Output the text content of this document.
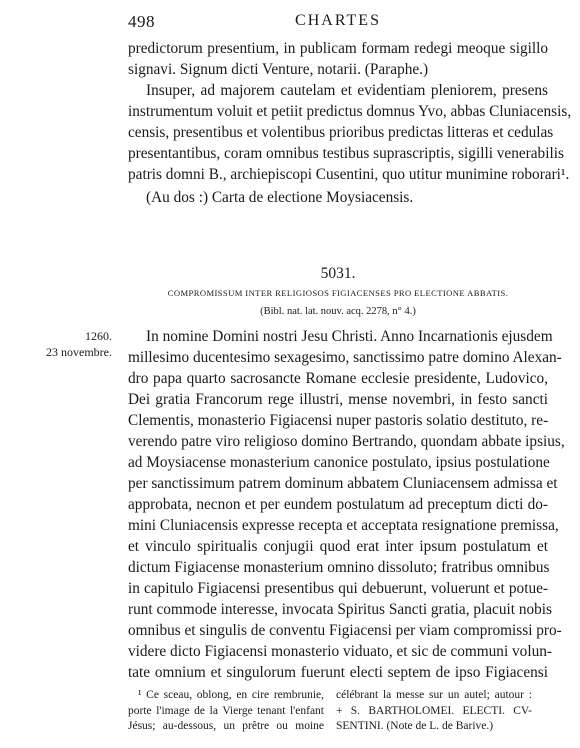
498	CHARTES
predictorum presentium, in publicam formam redegi meoque sigillo
signavi. Signum dicti Venture, notarii. (Paraphe.)
Insuper, ad majorem cautelam et evidentiam pleniorem, presens
instrumentum voluit et petiit predictus domnus Yvo, abbas Cluniacensis,
censis, presentibus et volentibus prioribus predictas litteras et cedulas
presentantibus, coram omnibus testibus suprascriptis, sigilli venerabilis
patris domni B., archiepiscopi Cusentini, quo utitur munimine roborari¹.
(Au dos :) Carta de electione Moysiacensis.
5031.
COMPROMISSUM INTER RELIGIOSOS FIGIACENSES PRO ELECTIONE ABBATIS.
(Bibl. nat. lat. nouv. acq. 2278, n° 4.)
1260.
23 novembre.
In nomine Domini nostri Jesu Christi. Anno Incarnationis ejusdem
millesimo ducentesimo sexagesimo, sanctissimo patre domino Alexan-
dro papa quarto sacrosancte Romane ecclesie presidente, Ludovico,
Dei gratia Francorum rege illustri, mense novembri, in festo sancti
Clementis, monasterio Figiacensi nuper pastoris solatio destituto, re-
verendo patre viro religioso domino Bertrando, quondam abbate ipsius,
ad Moysiacense monasterium canonice postulato, ipsius postulatione
per sanctissimum patrem dominum abbatem Cluniacensem admissa et
approbata, necnon et per eundem postulatum ad preceptum dicti do-
mini Cluniacensis expresse recepta et acceptata resignatione premissa,
et vinculo spiritualis conjugii quod erat inter ipsum postulatum et
dictum Figiacense monasterium omnino dissoluto; fratribus omnibus
in capitulo Figiacensi presentibus qui debuerunt, voluerunt et potue-
runt commode interesse, invocata Spiritus Sancti gratia, placuit nobis
omnibus et singulis de conventu Figiacensi per viam compromissi pro-
videre dicto Figiacensi monasterio viduato, et sic de communi volun-
tate omnium et singulorum fuerunt electi septem de ipso Figiacensi
¹ Ce sceau, oblong, en cire rembrunie,
porte l'image de la Vierge tenant l'enfant
Jésus; au-dessous, un prêtre ou moine
célébrant la messe sur un autel; autour :
+ S. BARTHOLOMEI. ELECTI. CV-
SENTINI. (Note de L. de Barive.)
